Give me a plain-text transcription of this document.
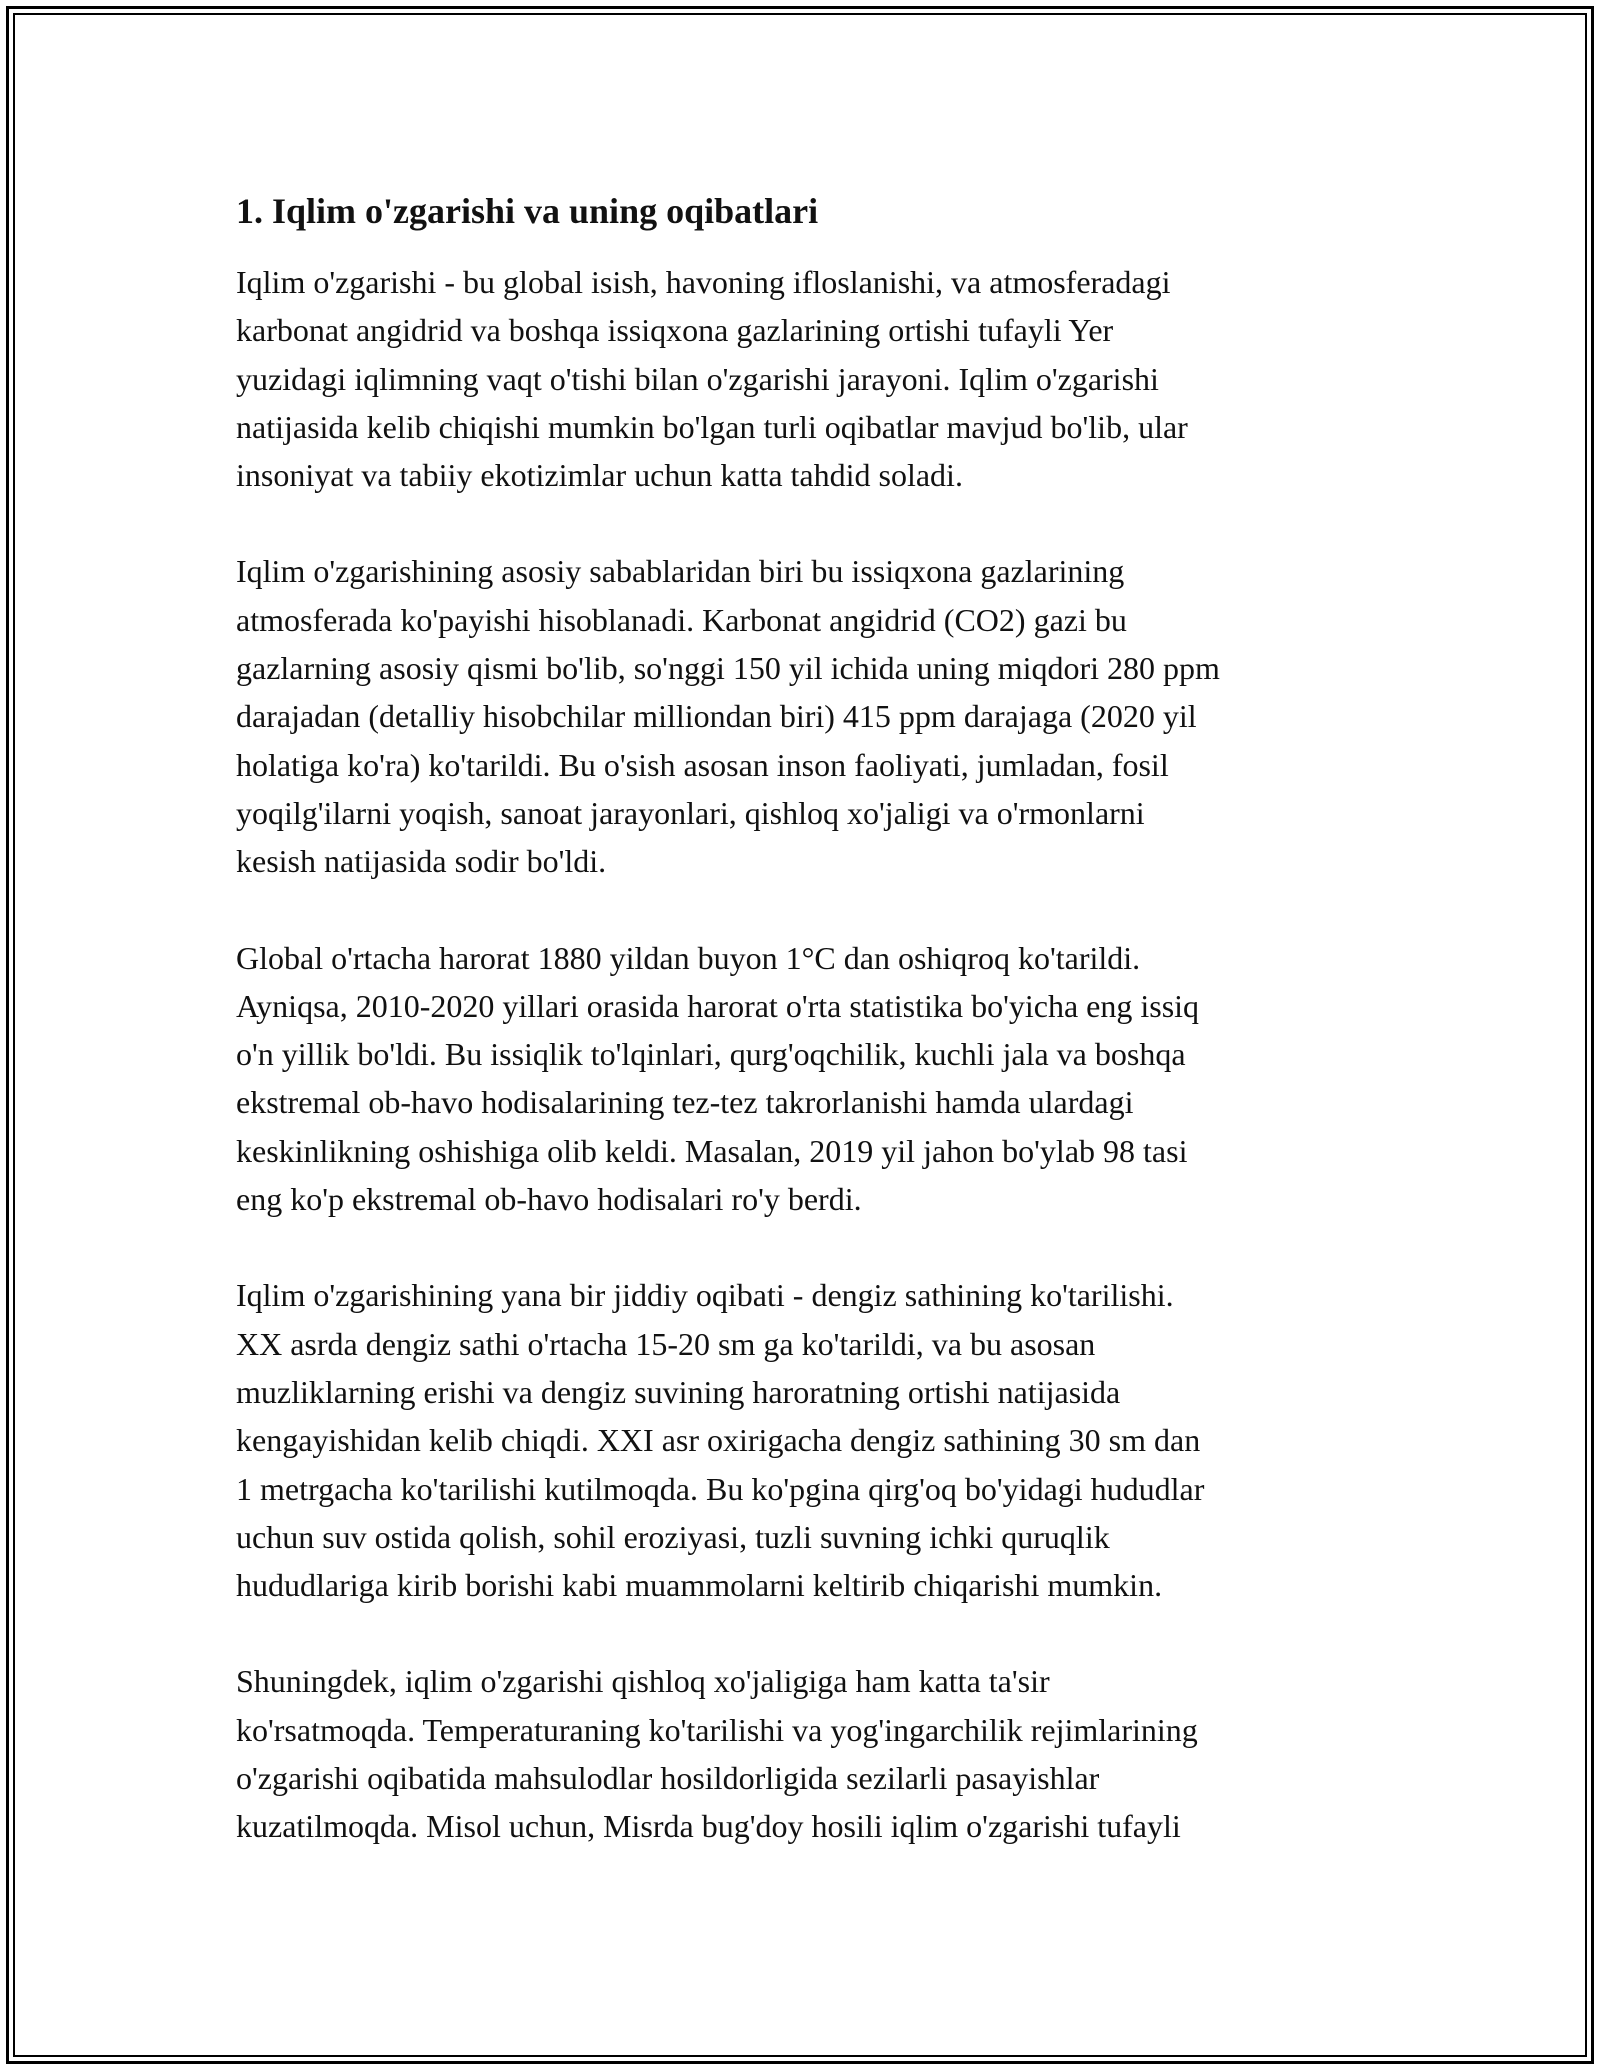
1. Iqlim o'zgarishi va uning oqibatlari

Iqlim o'zgarishi - bu global isish, havoning ifloslanishi, va atmosferadagi
karbonat angidrid va boshqa issiqxona gazlarining ortishi tufayli Yer
yuzidagi iqlimning vaqt o'tishi bilan o'zgarishi jarayoni. Iqlim o'zgarishi
natijasida kelib chiqishi mumkin bo'lgan turli oqibatlar mavjud bo'lib, ular
insoniyat va tabiiy ekotizimlar uchun katta tahdid soladi.

Iqlim o'zgarishining asosiy sabablaridan biri bu issiqxona gazlarining
atmosferada ko'payishi hisoblanadi. Karbonat angidrid (CO2) gazi bu
gazlarning asosiy qismi bo'lib, so'nggi 150 yil ichida uning miqdori 280 ppm
darajadan (detalliy hisobchilar milliondan biri) 415 ppm darajaga (2020 yil
holatiga ko'ra) ko'tarildi. Bu o'sish asosan inson faoliyati, jumladan, fosil
yoqilg'ilarni yoqish, sanoat jarayonlari, qishloq xo'jaligi va o'rmonlarni
kesish natijasida sodir bo'ldi.

Global o'rtacha harorat 1880 yildan buyon 1°C dan oshiqroq ko'tarildi.
Ayniqsa, 2010-2020 yillari orasida harorat o'rta statistika bo'yicha eng issiq
o'n yillik bo'ldi. Bu issiqlik to'lqinlari, qurg'oqchilik, kuchli jala va boshqa
ekstremal ob-havo hodisalarining tez-tez takrorlanishi hamda ulardagi
keskinlikning oshishiga olib keldi. Masalan, 2019 yil jahon bo'ylab 98 tasi
eng ko'p ekstremal ob-havo hodisalari ro'y berdi.

Iqlim o'zgarishining yana bir jiddiy oqibati - dengiz sathining ko'tarilishi.
XX asrda dengiz sathi o'rtacha 15-20 sm ga ko'tarildi, va bu asosan
muzliklarning erishi va dengiz suvining haroratning ortishi natijasida
kengayishidan kelib chiqdi. XXI asr oxirigacha dengiz sathining 30 sm dan
1 metrgacha ko'tarilishi kutilmoqda. Bu ko'pgina qirg'oq bo'yidagi hududlar
uchun suv ostida qolish, sohil eroziyasi, tuzli suvning ichki quruqlik
hududlariga kirib borishi kabi muammolarni keltirib chiqarishi mumkin.

Shuningdek, iqlim o'zgarishi qishloq xo'jaligiga ham katta ta'sir
ko'rsatmoqda. Temperaturaning ko'tarilishi va yog'ingarchilik rejimlarining
o'zgarishi oqibatida mahsulodlar hosildorligida sezilarli pasayishlar
kuzatilmoqda. Misol uchun, Misrda bug'doy hosili iqlim o'zgarishi tufayli
